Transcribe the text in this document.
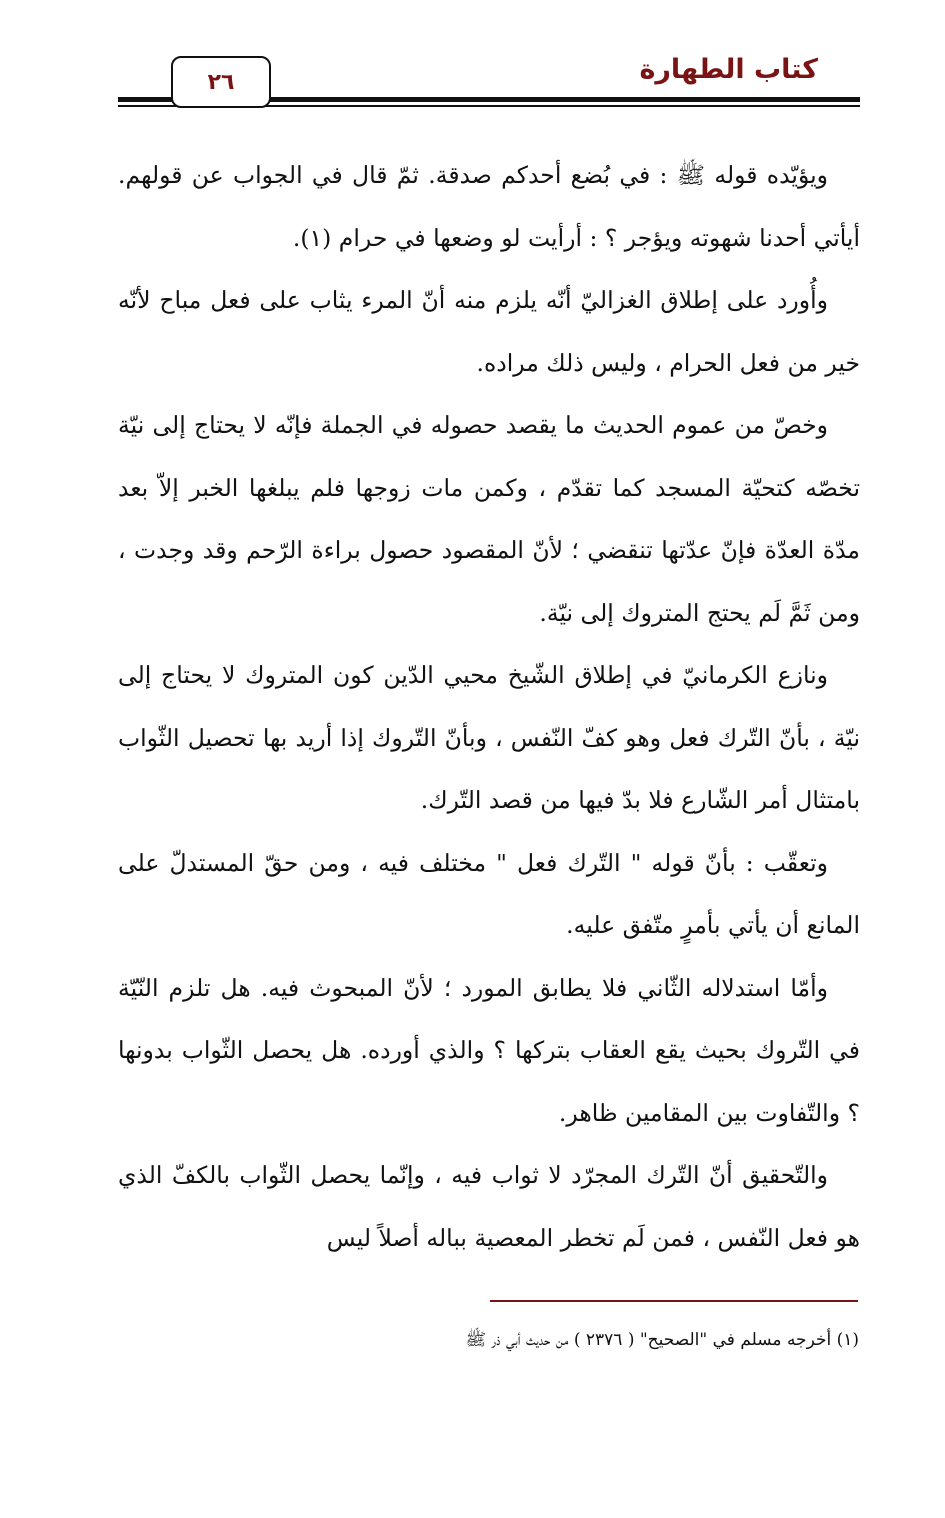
كتاب الطهارة
٢٦

ويؤيّده قوله ﷺ : في بُضع أحدكم صدقة. ثمّ قال في الجواب عن قولهم. أيأتي أحدنا شهوته ويؤجر ؟ : أرأيت لو وضعها في حرام (١).

وأُورد على إطلاق الغزاليّ أنّه يلزم منه أنّ المرء يثاب على فعل مباح لأنّه خير من فعل الحرام ، وليس ذلك مراده.

وخصّ من عموم الحديث ما يقصد حصوله في الجملة فإنّه لا يحتاج إلى نيّة تخصّه كتحيّة المسجد كما تقدّم ، وكمن مات زوجها فلم يبلغها الخبر إلاّ بعد مدّة العدّة فإنّ عدّتها تنقضي ؛ لأنّ المقصود حصول براءة الرّحم وقد وجدت ، ومن ثَمَّ لَم يحتج المتروك إلى نيّة.

ونازع الكرمانيّ في إطلاق الشّيخ محيي الدّين كون المتروك لا يحتاج إلى نيّة ، بأنّ التّرك فعل وهو كفّ النّفس ، وبأنّ التّروك إذا أريد بها تحصيل الثّواب بامتثال أمر الشّارع فلا بدّ فيها من قصد التّرك.

وتعقّب : بأنّ قوله " التّرك فعل " مختلف فيه ، ومن حقّ المستدلّ على المانع أن يأتي بأمرٍ متّفق عليه.

وأمّا استدلاله الثّاني فلا يطابق المورد ؛ لأنّ المبحوث فيه. هل تلزم النّيّة في التّروك بحيث يقع العقاب بتركها ؟ والذي أورده. هل يحصل الثّواب بدونها ؟ والتّفاوت بين المقامين ظاهر.

والتّحقيق أنّ التّرك المجرّد لا ثواب فيه ، وإنّما يحصل الثّواب بالكفّ الذي هو فعل النّفس ، فمن لَم تخطر المعصية بباله أصلاً ليس

(١) أخرجه مسلم في "الصحيح" ( ٢٣٧٦ ) من حديث أبي ذر ﷺ
